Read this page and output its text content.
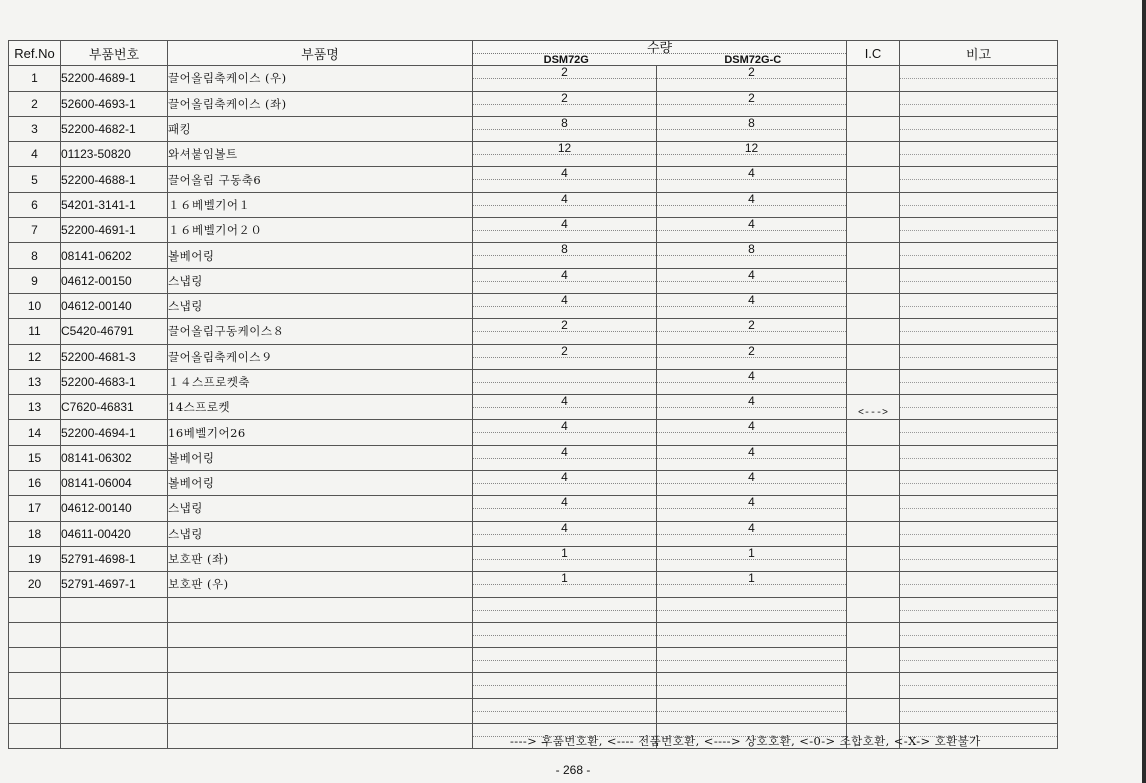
Ref.No	부품번호	부품명	수량
DSM72G DSM72G-C		I.C	비고
1	52200-4689-1	끌어올림축케이스 (우)	2	2		

2	52600-4693-1	끌어올림축케이스 (좌)	2	2		

3	52200-4682-1	패킹	8	8		

4	01123-50820	와셔붙임볼트	12	12		

5	52200-4688-1	끌어올림 구동축6	4	4		

6	54201-3141-1	１６베벨기어１	4	4		

7	52200-4691-1	１６베벨기어２０	4	4		

8	08141-06202	볼베어링	8	8		

9	04612-00150	스냅링	4	4		

10	04612-00140	스냅링	4	4		

11	C5420-46791	끌어올림구동케이스８	2	2		

12	52200-4681-3	끌어올림축케이스９	2	2		

13	52200-4683-1	１４스프로켓축		4		

13	C7620-46831	14스프로켓	4	4	<--->	

14	52200-4694-1	16베벨기어26	4	4		

15	08141-06302	볼베어링	4	4		

16	08141-06004	볼베어링	4	4		

17	04612-00140	스냅링	4	4		

18	04611-00420	스냅링	4	4		

19	52791-4698-1	보호판 (좌)	1	1		

20	52791-4697-1	보호판 (우)	1	1		

----> 후품번호환, <---- 전품번호환, <----> 상호호환, <-0-> 조합호환, <-X-> 호환불가
- 268 -
